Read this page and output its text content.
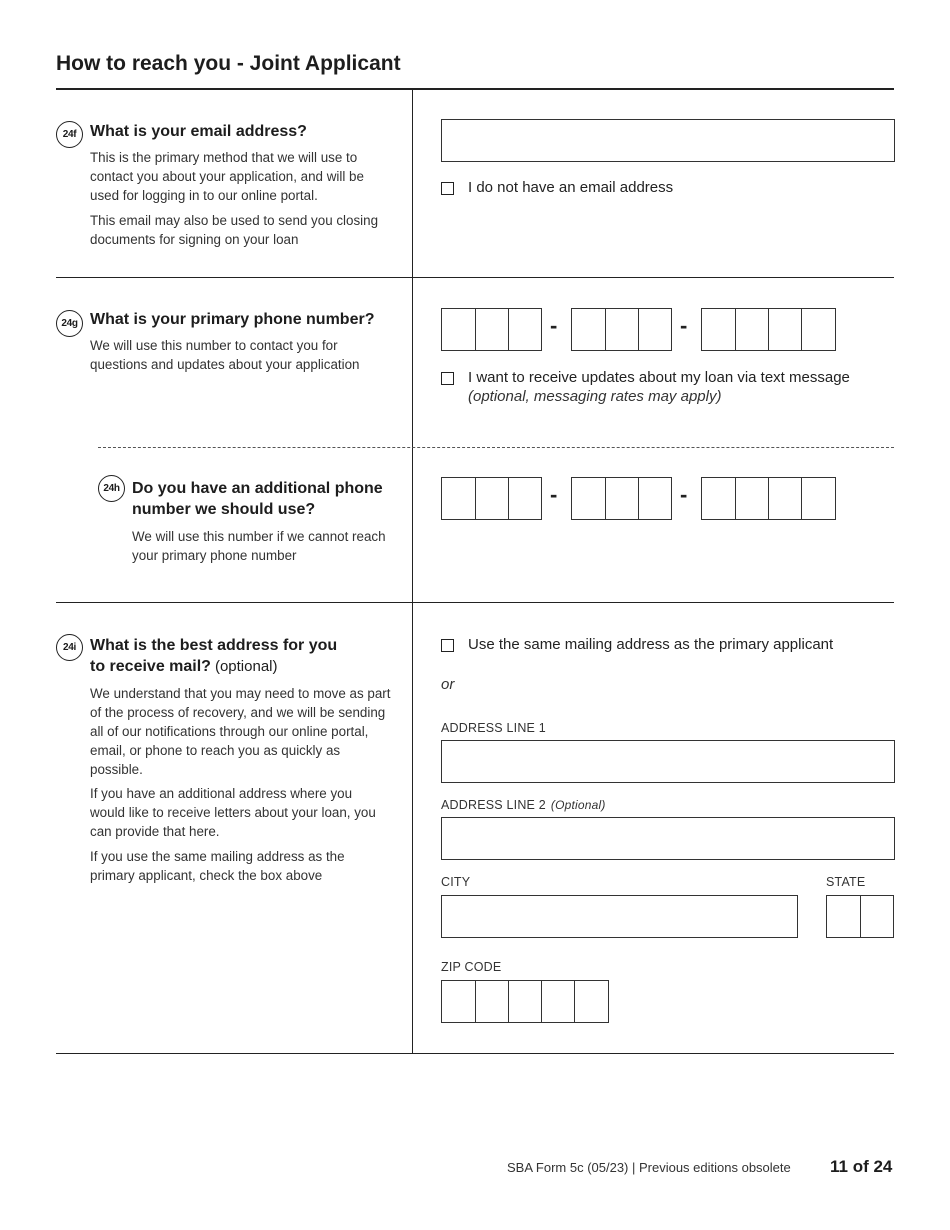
How to reach you - Joint Applicant
24f What is your email address?
This is the primary method that we will use to contact you about your application, and will be used for logging in to our online portal.
This email may also be used to send you closing documents for signing on your loan
I do not have an email address
24g What is your primary phone number?
We will use this number to contact you for questions and updates about your application
-	-
I want to receive updates about my loan via text message
(optional, messaging rates may apply)
24h Do you have an additional phone number we should use?
We will use this number if we cannot reach your primary phone number
-	-
24i What is the best address for you to receive mail? (optional)
We understand that you may need to move as part of the process of recovery, and we will be sending all of our notifications through our online portal, email, or phone to reach you as quickly as possible.
If you have an additional address where you would like to receive letters about your loan, you can provide that here.
If you use the same mailing address as the primary applicant, check the box above
Use the same mailing address as the primary applicant
or
ADDRESS LINE 1
ADDRESS LINE 2 (Optional)
CITY	STATE
ZIP CODE
SBA Form 5c (05/23) | Previous editions obsolete 11 of 24
